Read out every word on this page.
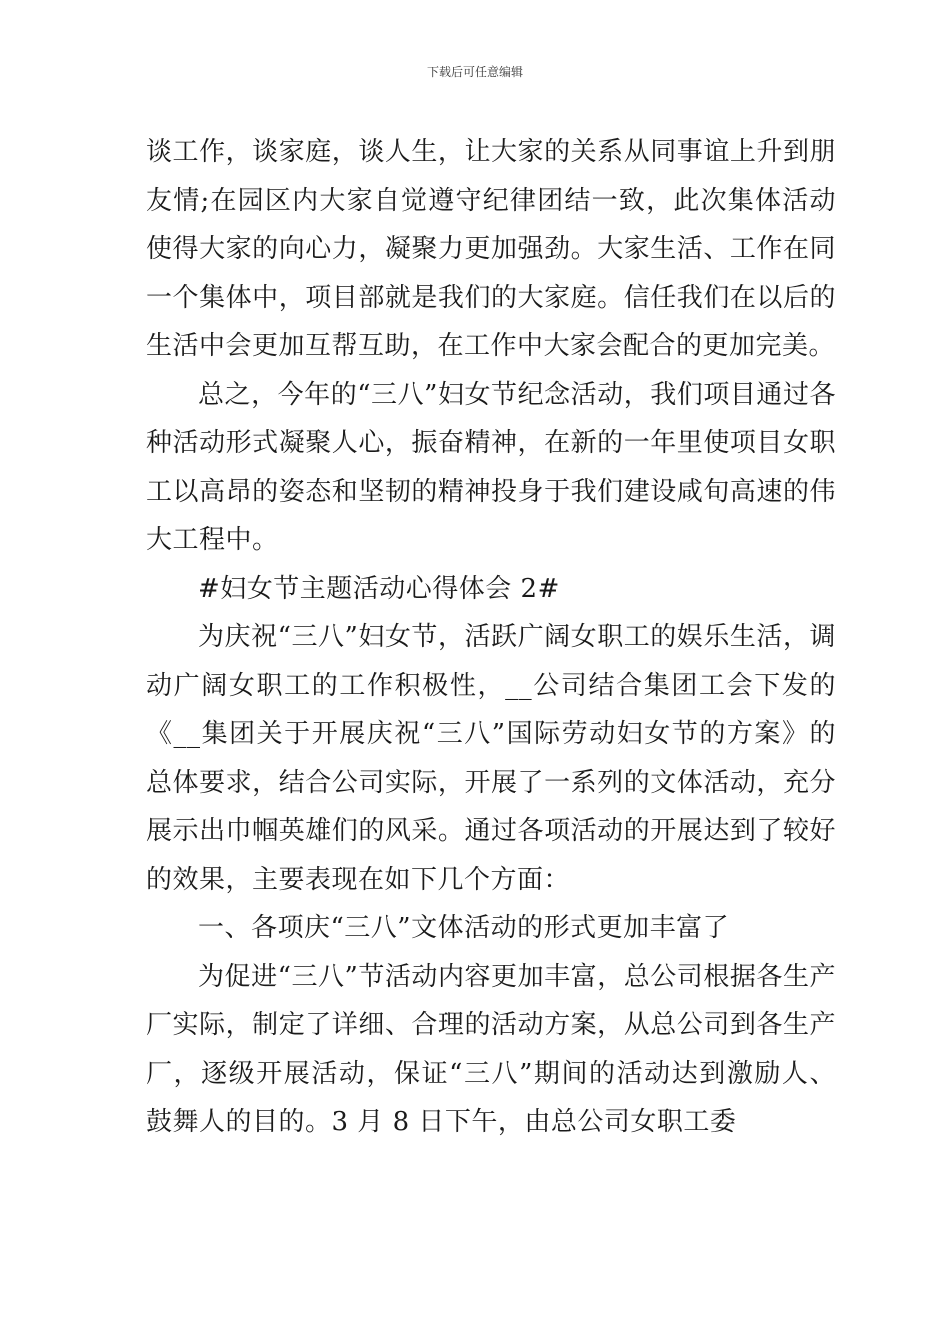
下载后可任意编辑

谈工作，谈家庭，谈人生，让大家的关系从同事谊上升到朋友情;在园区内大家自觉遵守纪律团结一致，此次集体活动使得大家的向心力，凝聚力更加强劲。大家生活、工作在同一个集体中，项目部就是我们的大家庭。信任我们在以后的生活中会更加互帮互助，在工作中大家会配合的更加完美。

总之，今年的“三八”妇女节纪念活动，我们项目通过各种活动形式凝聚人心，振奋精神，在新的一年里使项目女职工以高昂的姿态和坚韧的精神投身于我们建设咸旬高速的伟大工程中。

#妇女节主题活动心得体会 2#

为庆祝“三八”妇女节，活跃广阔女职工的娱乐生活，调动广阔女职工的工作积极性，__公司结合集团工会下发的《__集团关于开展庆祝“三八”国际劳动妇女节的方案》的总体要求，结合公司实际，开展了一系列的文体活动，充分展示出巾帼英雄们的风采。通过各项活动的开展达到了较好的效果，主要表现在如下几个方面：

一、各项庆“三八”文体活动的形式更加丰富了

为促进“三八”节活动内容更加丰富，总公司根据各生产厂实际，制定了详细、合理的活动方案，从总公司到各生产厂，逐级开展活动，保证“三八”期间的活动达到激励人、鼓舞人的目的。3 月 8 日下午，由总公司女职工委
